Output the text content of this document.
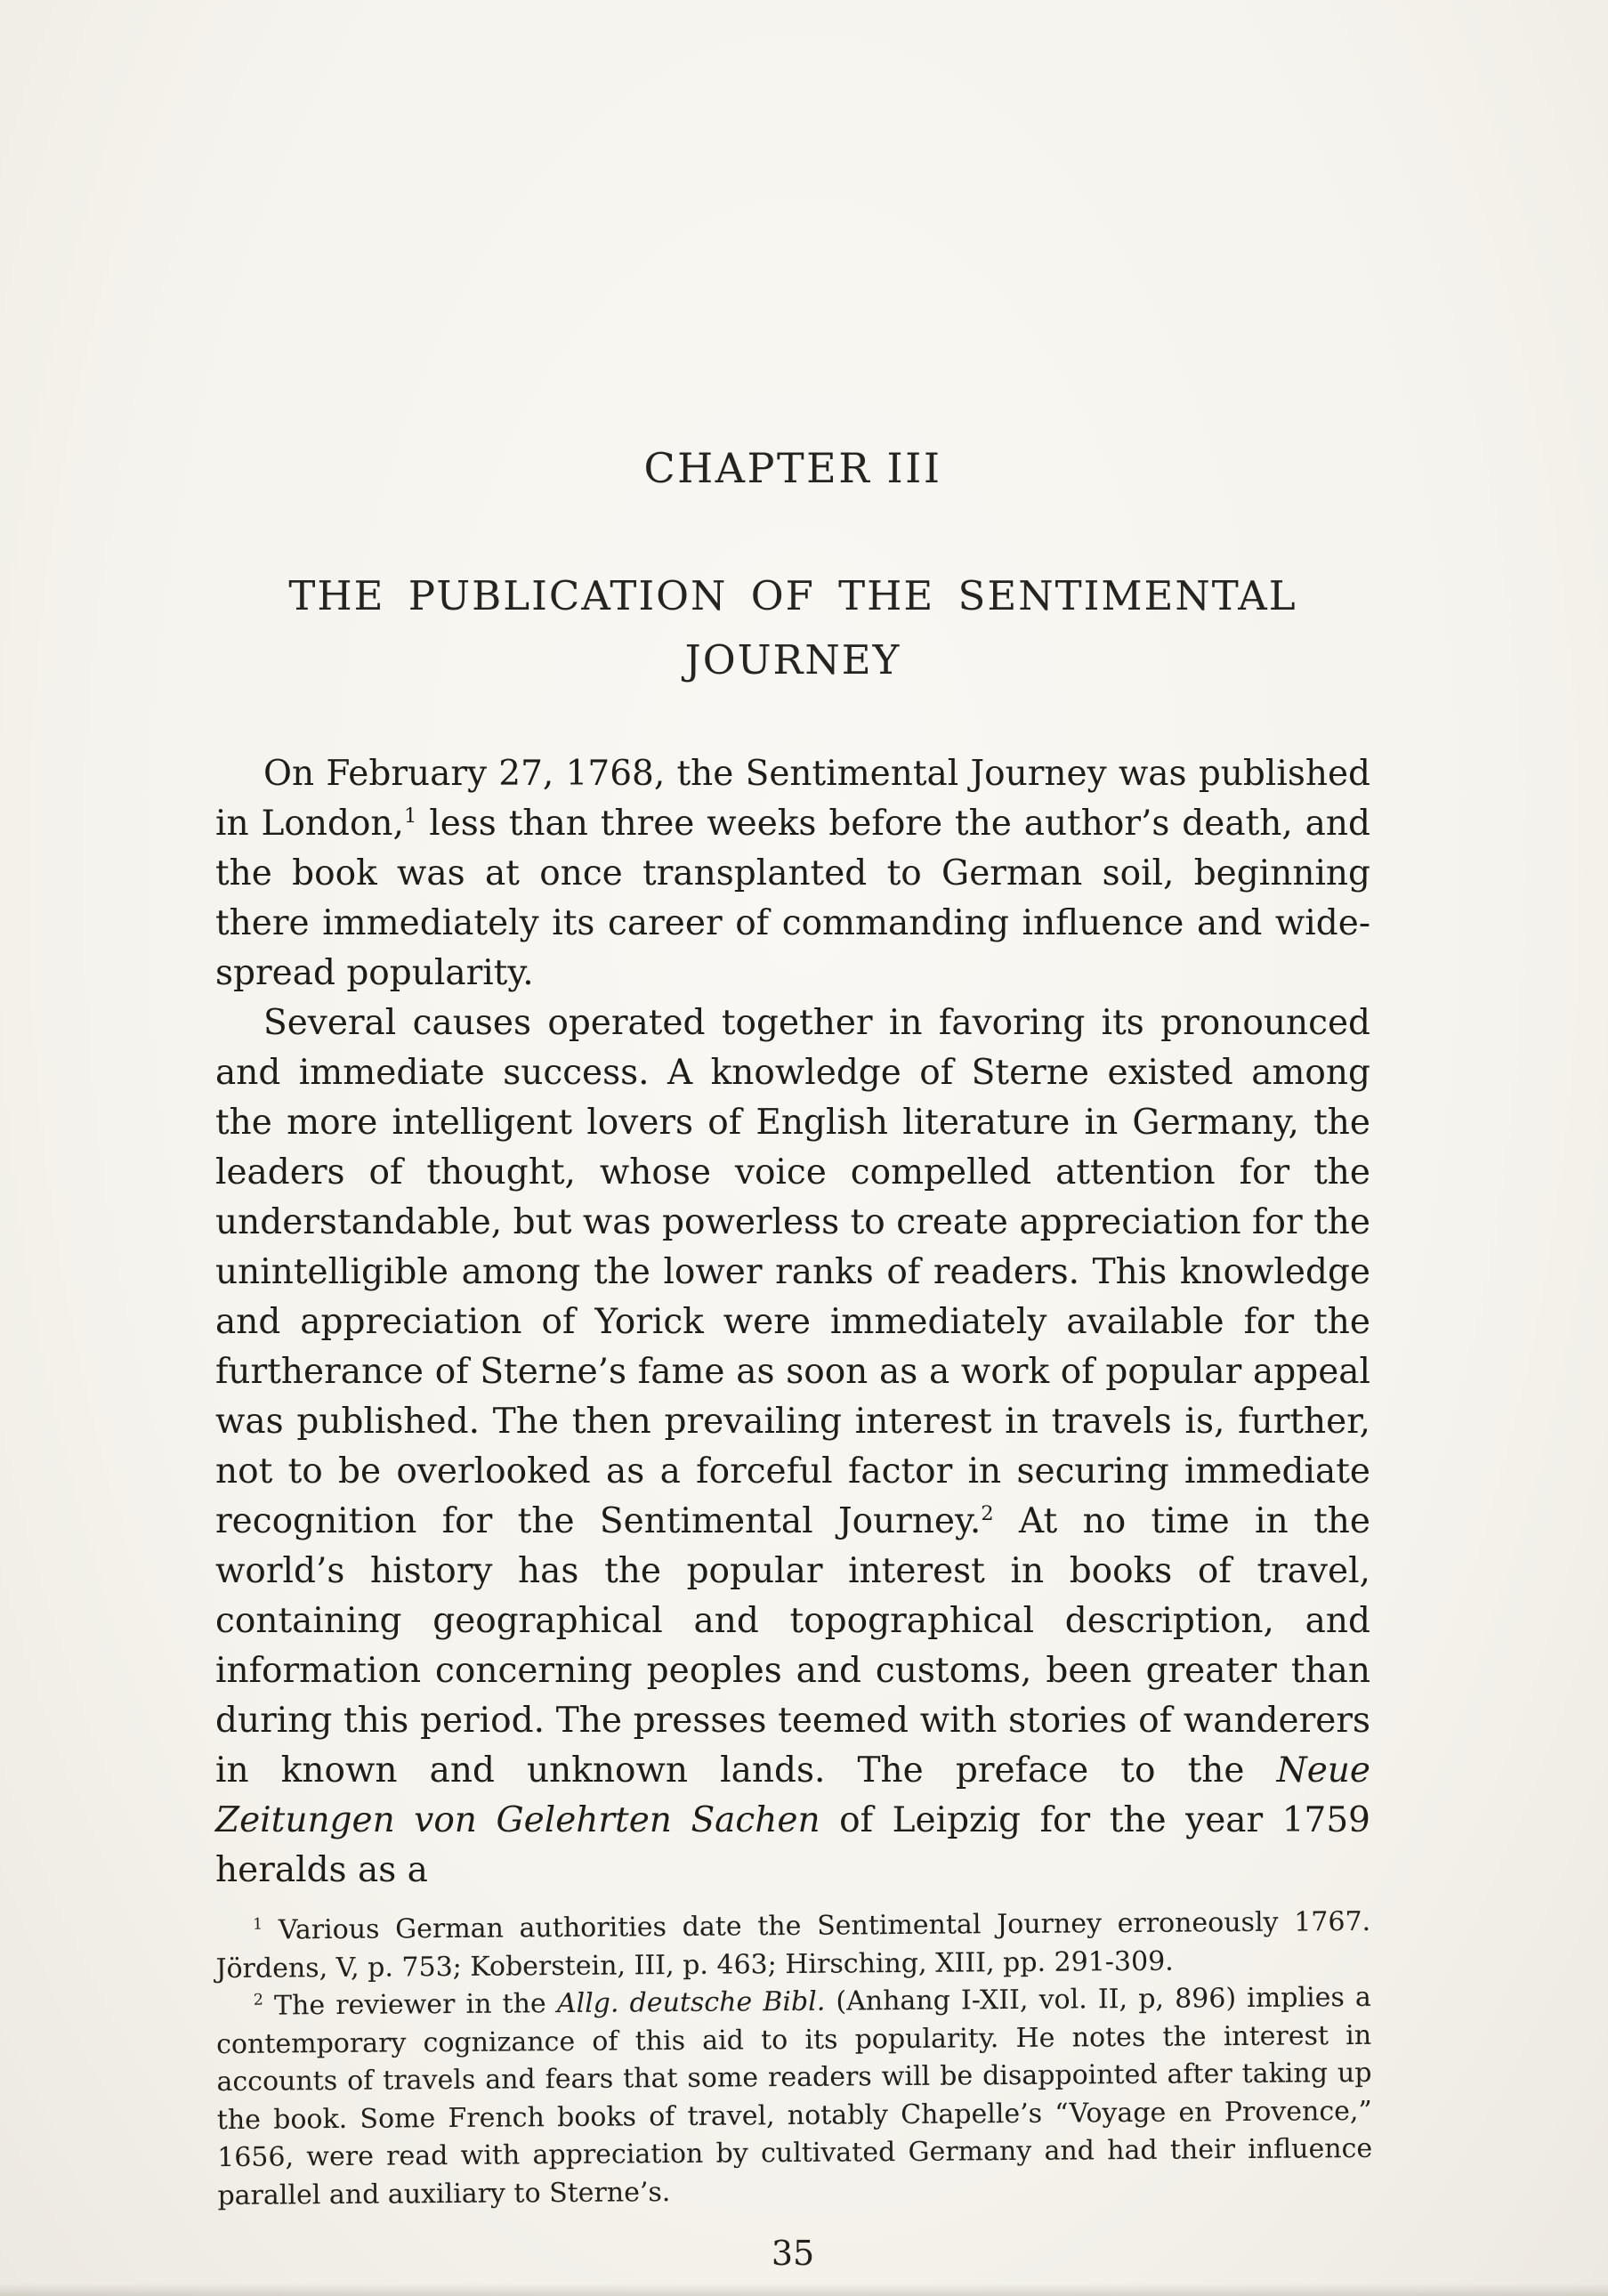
CHAPTER III
THE PUBLICATION OF THE SENTIMENTAL
JOURNEY

On February 27, 1768, the Sentimental Journey was published in London,$^1$ less than three weeks before the author’s death, and the book was at once transplanted to German soil, beginning there immediately its career of commanding influence and wide-spread popularity.

Several causes operated together in favoring its pronounced and immediate success. A knowledge of Sterne existed among the more intelligent lovers of English literature in Germany, the leaders of thought, whose voice compelled attention for the understandable, but was powerless to create appreciation for the unintelligible among the lower ranks of readers. This knowledge and appreciation of Yorick were immediately available for the furtherance of Sterne’s fame as soon as a work of popular appeal was published. The then prevailing interest in travels is, further, not to be overlooked as a forceful factor in securing immediate recognition for the Sentimental Journey.$^2$ At no time in the world’s history has the popular interest in books of travel, containing geographical and topographical description, and information concerning peoples and customs, been greater than during this period. The presses teemed with stories of wanderers in known and unknown lands. The preface to the Neue Zeitungen von Gelehrten Sachen of Leipzig for the year 1759 heralds as a

$^1$ Various German authorities date the Sentimental Journey erroneously 1767. Jördens, V, p. 753; Koberstein, III, p. 463; Hirsching, XIII, pp. 291-309.

$^2$ The reviewer in the Allg. deutsche Bibl. (Anhang I-XII, vol. II, p, 896) implies a contemporary cognizance of this aid to its popularity. He notes the interest in accounts of travels and fears that some readers will be disappointed after taking up the book. Some French books of travel, notably Chapelle’s “Voyage en Provence,” 1656, were read with appreciation by cultivated Germany and had their influence parallel and auxiliary to Sterne’s.

35
